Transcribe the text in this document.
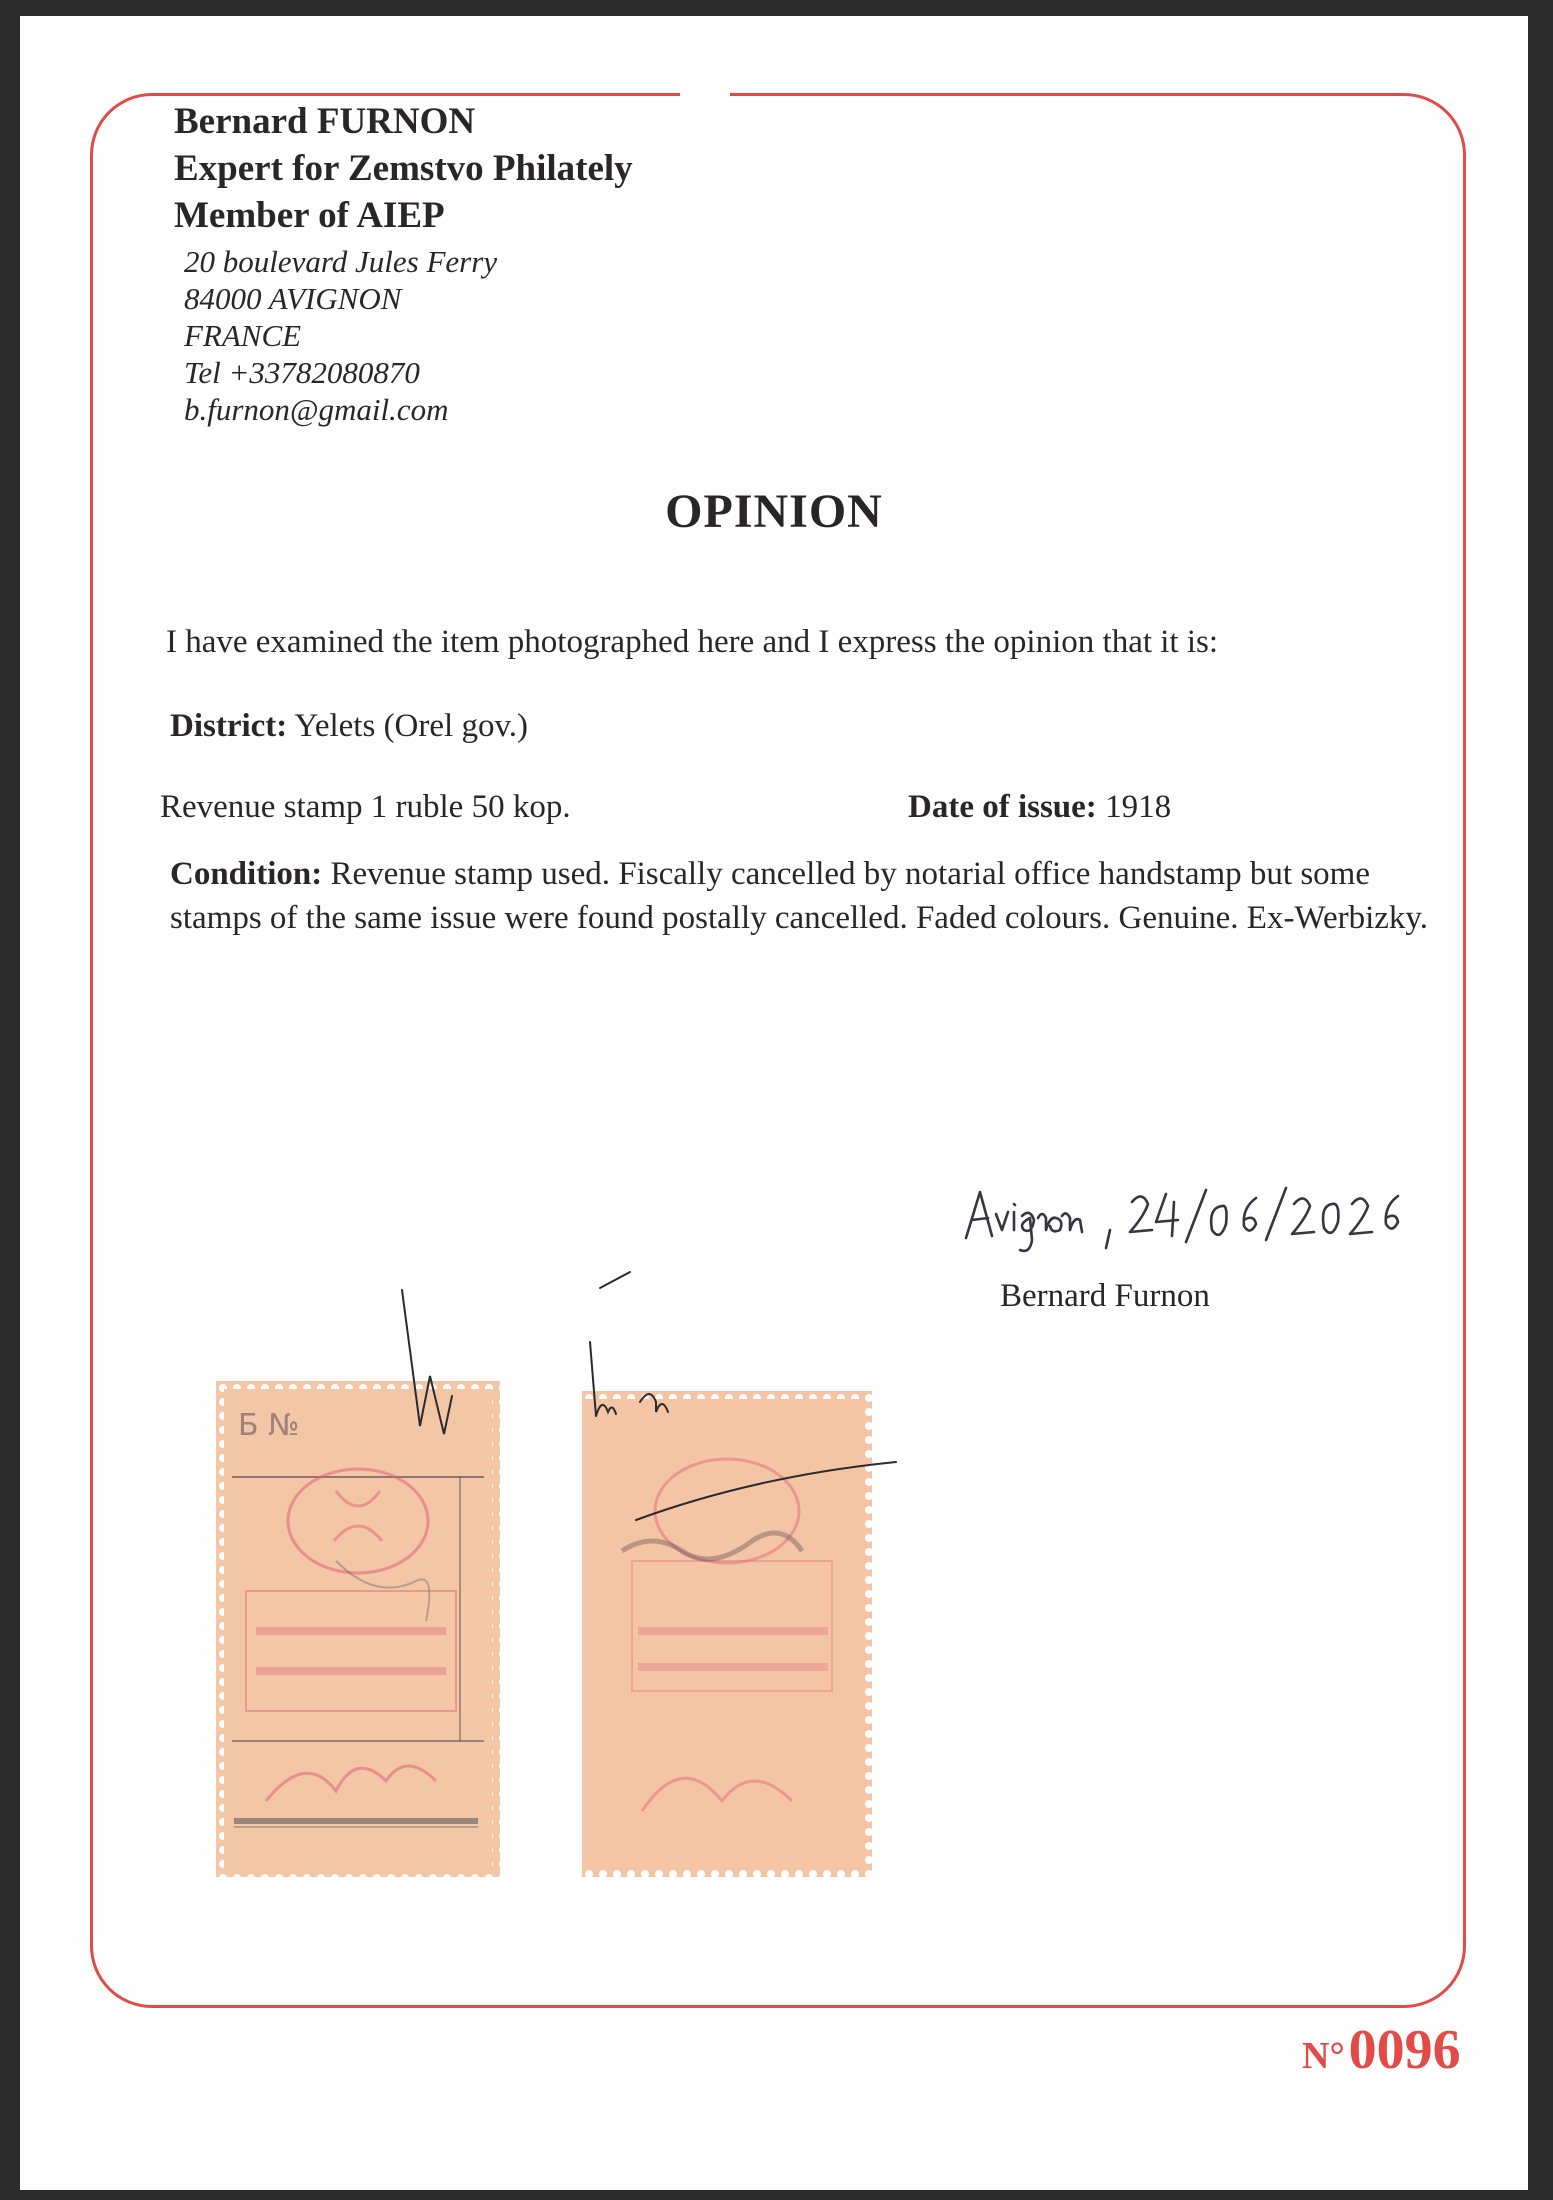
Bernard FURNON
Expert for Zemstvo Philately
Member of AIEP
20 boulevard Jules Ferry
84000 AVIGNON
FRANCE
Tel +33782080870
b.furnon@gmail.com
OPINION
I have examined the item photographed here and I express the opinion that it is:
District: Yelets (Orel gov.)
Revenue stamp 1 ruble 50 kop.	Date of issue: 1918
Condition: Revenue stamp used. Fiscally cancelled by notarial office handstamp but some stamps of the same issue were found postally cancelled. Faded colours. Genuine. Ex-Werbizky.
Bernard Furnon
Б №
N° 0096
